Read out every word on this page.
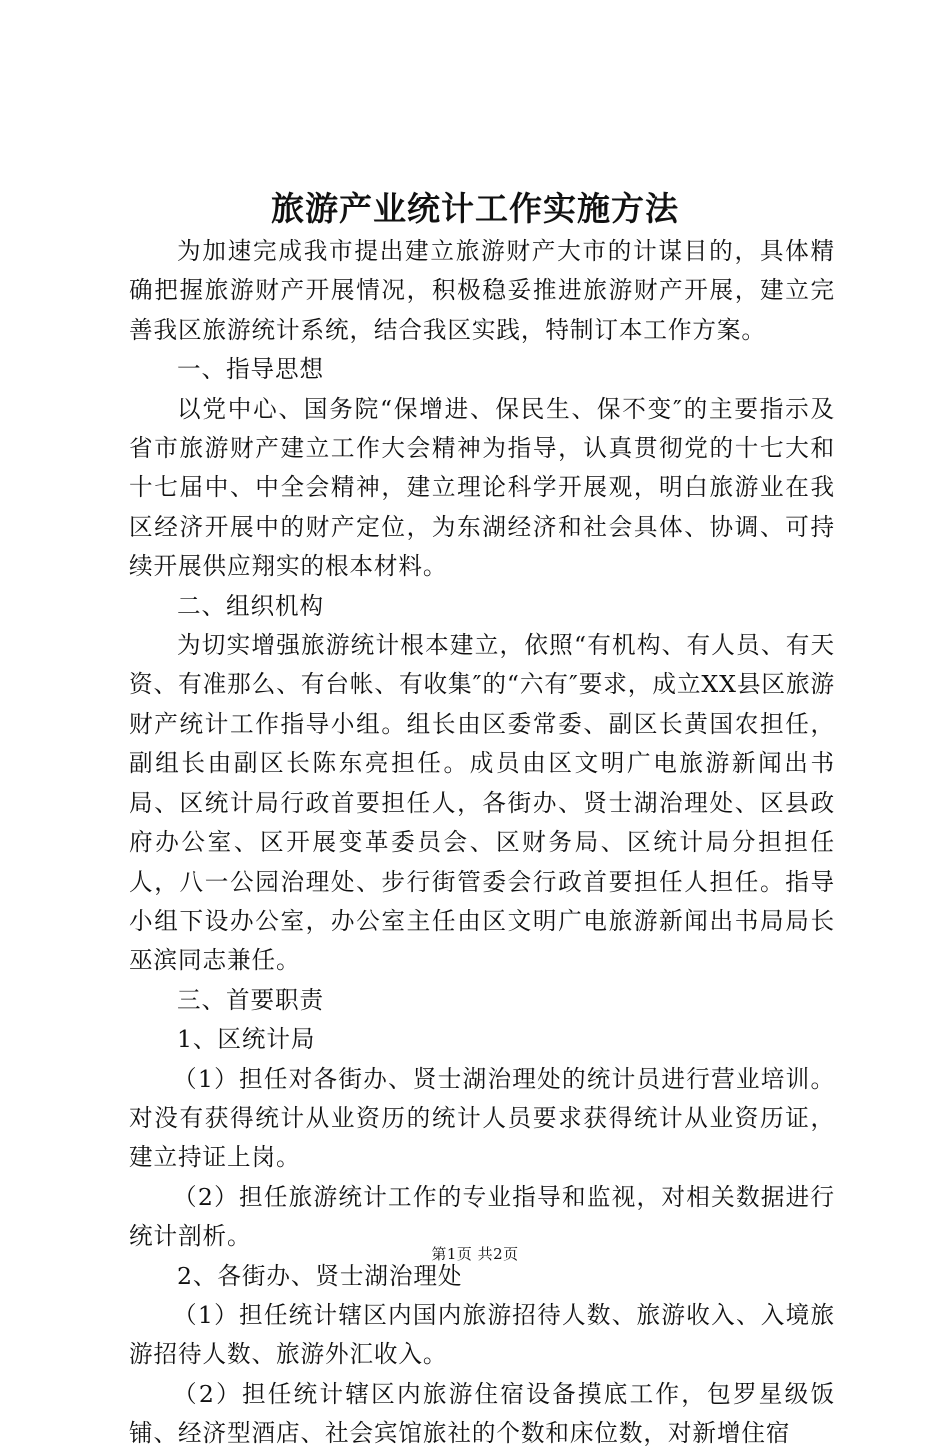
旅游产业统计工作实施方法

为加速完成我市提出建立旅游财产大市的计谋目的，具体精确把握旅游财产开展情况，积极稳妥推进旅游财产开展，建立完善我区旅游统计系统，结合我区实践，特制订本工作方案。

一、指导思想

以党中心、国务院“保增进、保民生、保不变″的主要指示及省市旅游财产建立工作大会精神为指导，认真贯彻党的十七大和十七届中、中全会精神，建立理论科学开展观，明白旅游业在我区经济开展中的财产定位，为东湖经济和社会具体、协调、可持续开展供应翔实的根本材料。

二、组织机构

为切实增强旅游统计根本建立，依照“有机构、有人员、有天资、有准那么、有台帐、有收集″的“六有″要求，成立XX县区旅游财产统计工作指导小组。组长由区委常委、副区长黄国农担任，副组长由副区长陈东亮担任。成员由区文明广电旅游新闻出书局、区统计局行政首要担任人，各街办、贤士湖治理处、区县政府办公室、区开展变革委员会、区财务局、区统计局分担担任人，八一公园治理处、步行街管委会行政首要担任人担任。指导小组下设办公室，办公室主任由区文明广电旅游新闻出书局局长巫滨同志兼任。

三、首要职责

1、区统计局

（1）担任对各街办、贤士湖治理处的统计员进行营业培训。对没有获得统计从业资历的统计人员要求获得统计从业资历证，建立持证上岗。

（2）担任旅游统计工作的专业指导和监视，对相关数据进行统计剖析。

2、各街办、贤士湖治理处

（1）担任统计辖区内国内旅游招待人数、旅游收入、入境旅游招待人数、旅游外汇收入。

（2）担任统计辖区内旅游住宿设备摸底工作，包罗星级饭铺、经济型酒店、社会宾馆旅社的个数和床位数，对新增住宿

第1页 共2页
